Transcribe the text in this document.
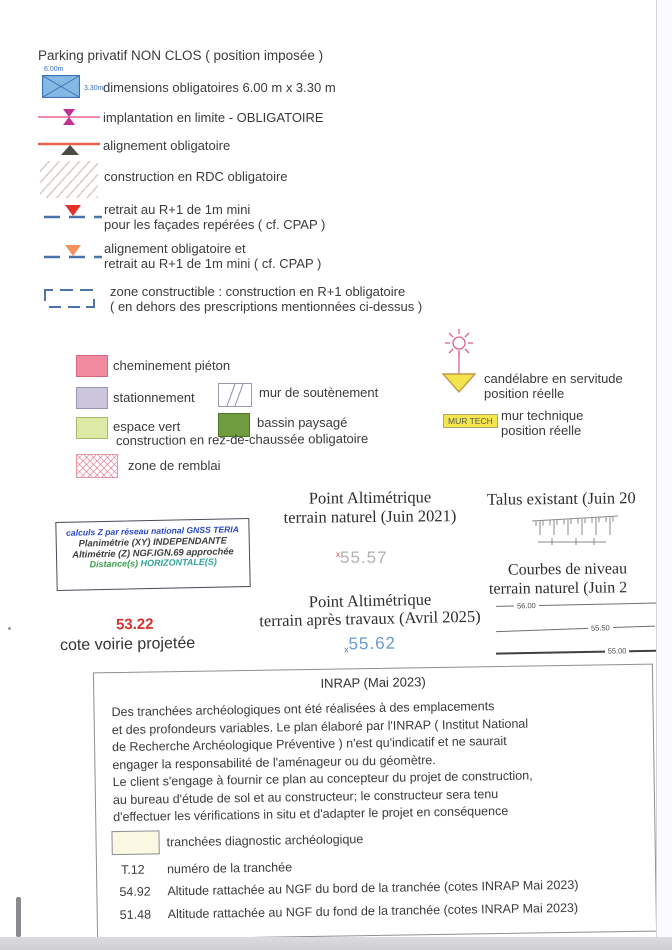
Parking privatif NON CLOS ( position imposée )
6.00m
3.30m dimensions obligatoires 6.00 m x 3.30 m
implantation en limite - OBLIGATOIRE
alignement obligatoire
construction en RDC obligatoire
retrait au R+1 de 1m mini
pour les façades repérées ( cf. CPAP )
alignement obligatoire et
retrait au R+1 de 1m mini ( cf. CPAP )
zone constructible : construction en R+1 obligatoire
( en dehors des prescriptions mentionnées ci-dessus )
candélabre en servitude
position réelle
cheminement piéton
stationnement	mur de soutènement
espace vert	bassin paysagé
construction en rez-de-chaussée obligatoire
MUR TECH mur technique
position réelle
zone de remblai
Point Altimétrique
terrain naturel (Juin 2021)
$^x$55.57
Talus existant (Juin 20
calculs Z par réseau national GNSS TERIA
Planimétrie (XY) INDEPENDANTE
Altimétrie (Z) NGF.IGN.69 approchée
Distance(s) HORIZONTALE(S)	Courbes de niveau
terrain naturel (Juin 2
56.00
55.50
55.00
Point Altimétrique
terrain après travaux (Avril 2025)
x55.62
53.22
cote voirie projetée
INRAP (Mai 2023)
Des tranchées archéologiques ont été réalisées à des emplacements
et des profondeurs variables. Le plan élaboré par l'INRAP ( Institut National
de Recherche Archéologique Préventive ) n'est qu'indicatif et ne saurait
engager la responsabilité de l'aménageur ou du géomètre.
Le client s'engage à fournir ce plan au concepteur du projet de construction,
au bureau d'étude de sol et au constructeur; le constructeur sera tenu
d'effectuer les vérifications in situ et d'adapter le projet en conséquence
tranchées diagnostic archéologique
T.12 numéro de la tranchée
54.92 Altitude rattachée au NGF du bord de la tranchée (cotes INRAP Mai 2023)
51.48 Altitude rattachée au NGF du fond de la tranchée (cotes INRAP Mai 2023)
